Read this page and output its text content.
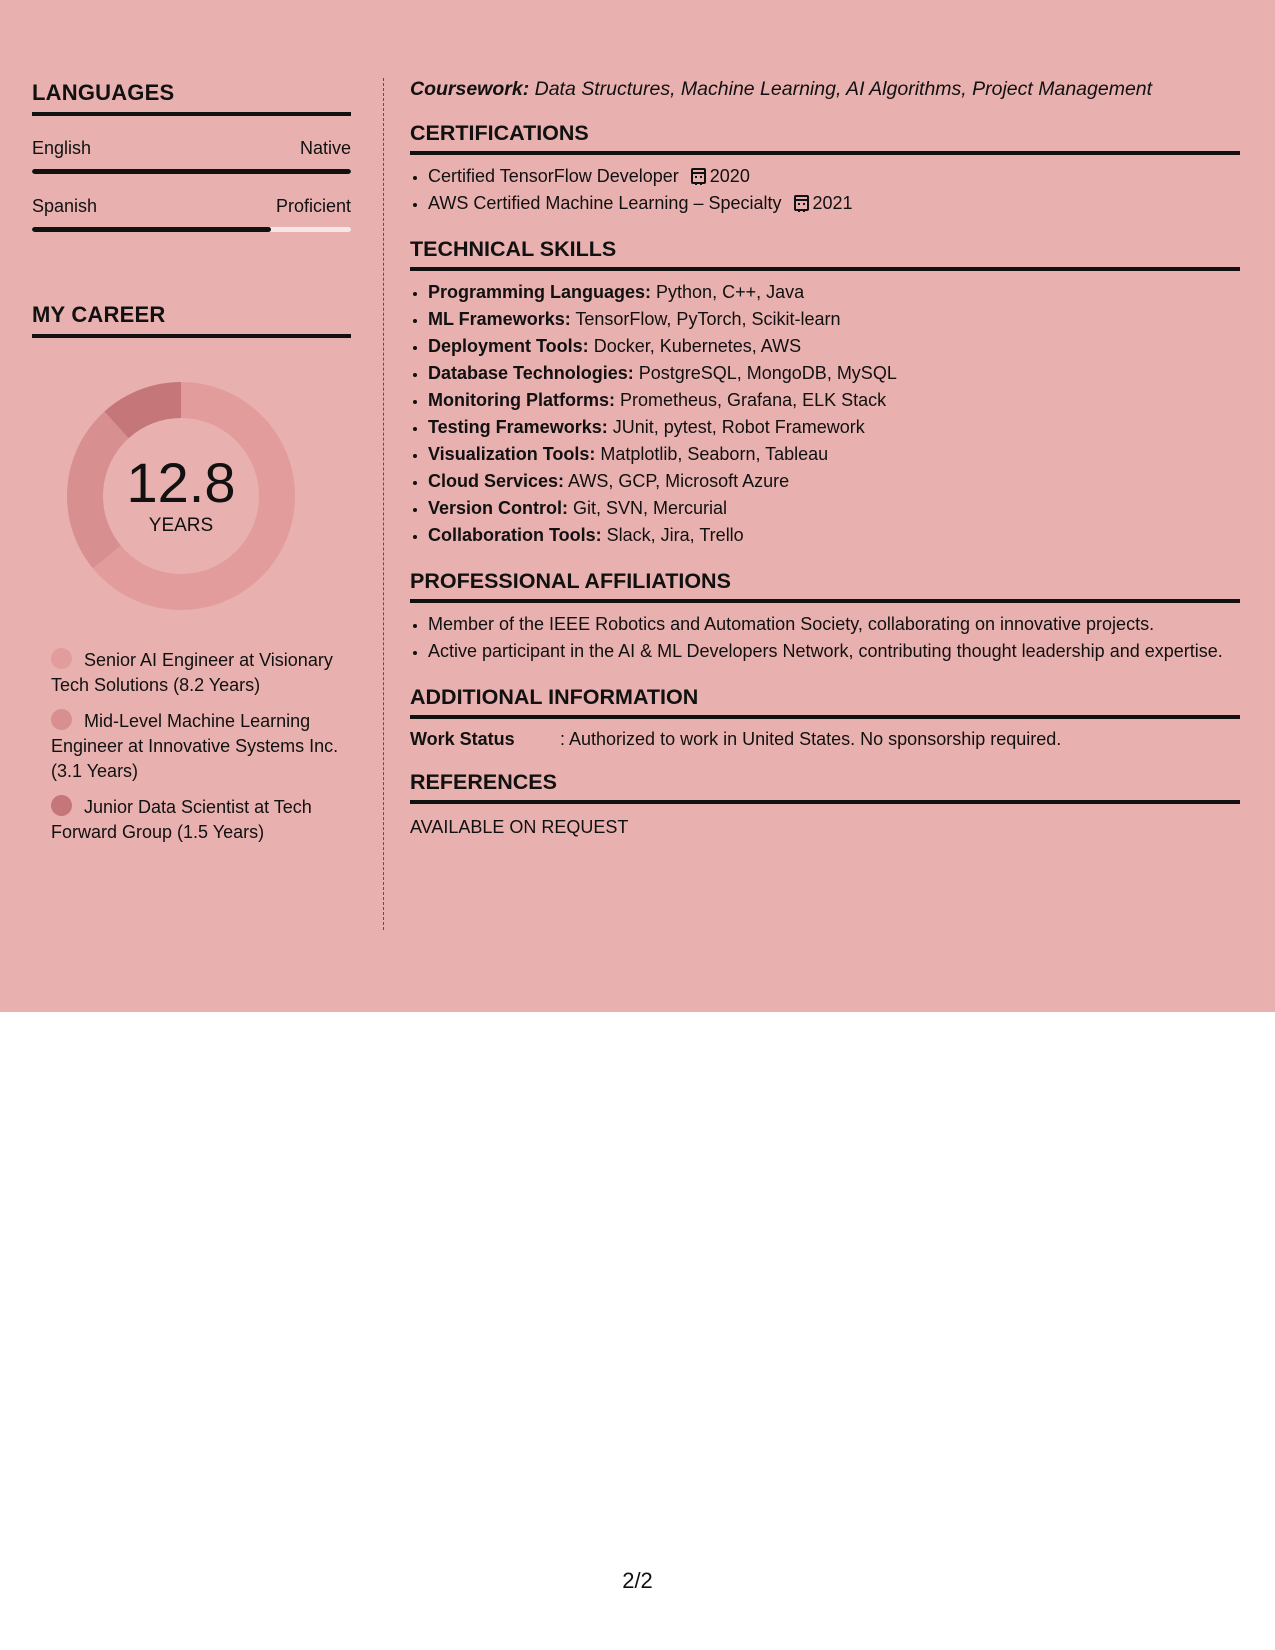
LANGUAGES
English	Native
Spanish	Proficient
MY CAREER
12.8
YEARS
Senior AI Engineer at Visionary Tech Solutions (8.2 Years)
Mid-Level Machine Learning Engineer at Innovative Systems Inc. (3.1 Years)
Junior Data Scientist at Tech Forward Group (1.5 Years)
Coursework: Data Structures, Machine Learning, AI Algorithms, Project Management
CERTIFICATIONS
• Certified TensorFlow Developer 2020
• AWS Certified Machine Learning – Specialty 2021
TECHNICAL SKILLS
• Programming Languages: Python, C++, Java
• ML Frameworks: TensorFlow, PyTorch, Scikit-learn
• Deployment Tools: Docker, Kubernetes, AWS
• Database Technologies: PostgreSQL, MongoDB, MySQL
• Monitoring Platforms: Prometheus, Grafana, ELK Stack
• Testing Frameworks: JUnit, pytest, Robot Framework
• Visualization Tools: Matplotlib, Seaborn, Tableau
• Cloud Services: AWS, GCP, Microsoft Azure
• Version Control: Git, SVN, Mercurial
• Collaboration Tools: Slack, Jira, Trello
PROFESSIONAL AFFILIATIONS
• Member of the IEEE Robotics and Automation Society, collaborating on innovative projects.
• Active participant in the AI & ML Developers Network, contributing thought leadership and expertise.
ADDITIONAL INFORMATION
Work Status	: Authorized to work in United States. No sponsorship required.
REFERENCES
AVAILABLE ON REQUEST
2/2
